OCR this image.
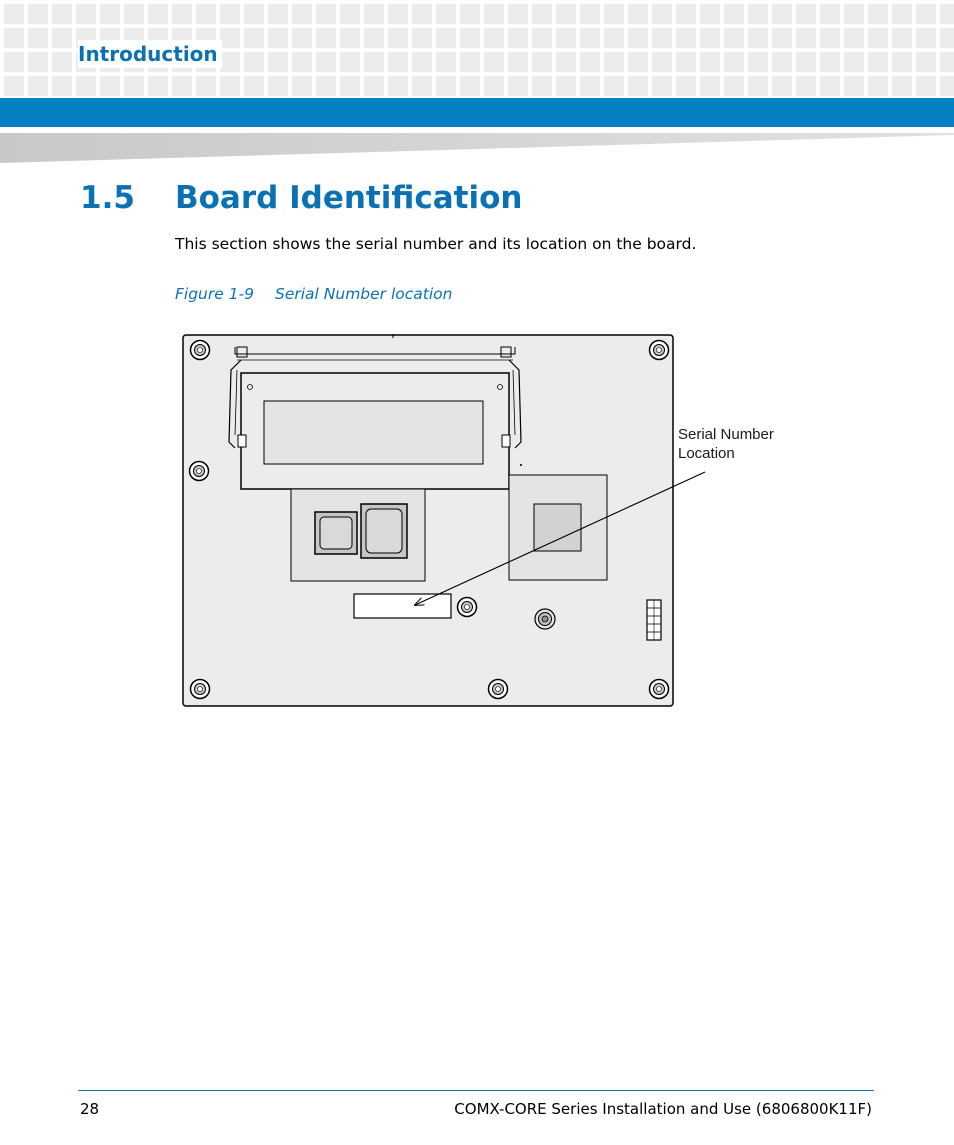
Introduction
1.5 Board Identification

This section shows the serial number and its location on the board.

Figure 1-9 Serial Number location

Serial Number
Location

28	COMX-CORE Series Installation and Use (6806800K11F)
